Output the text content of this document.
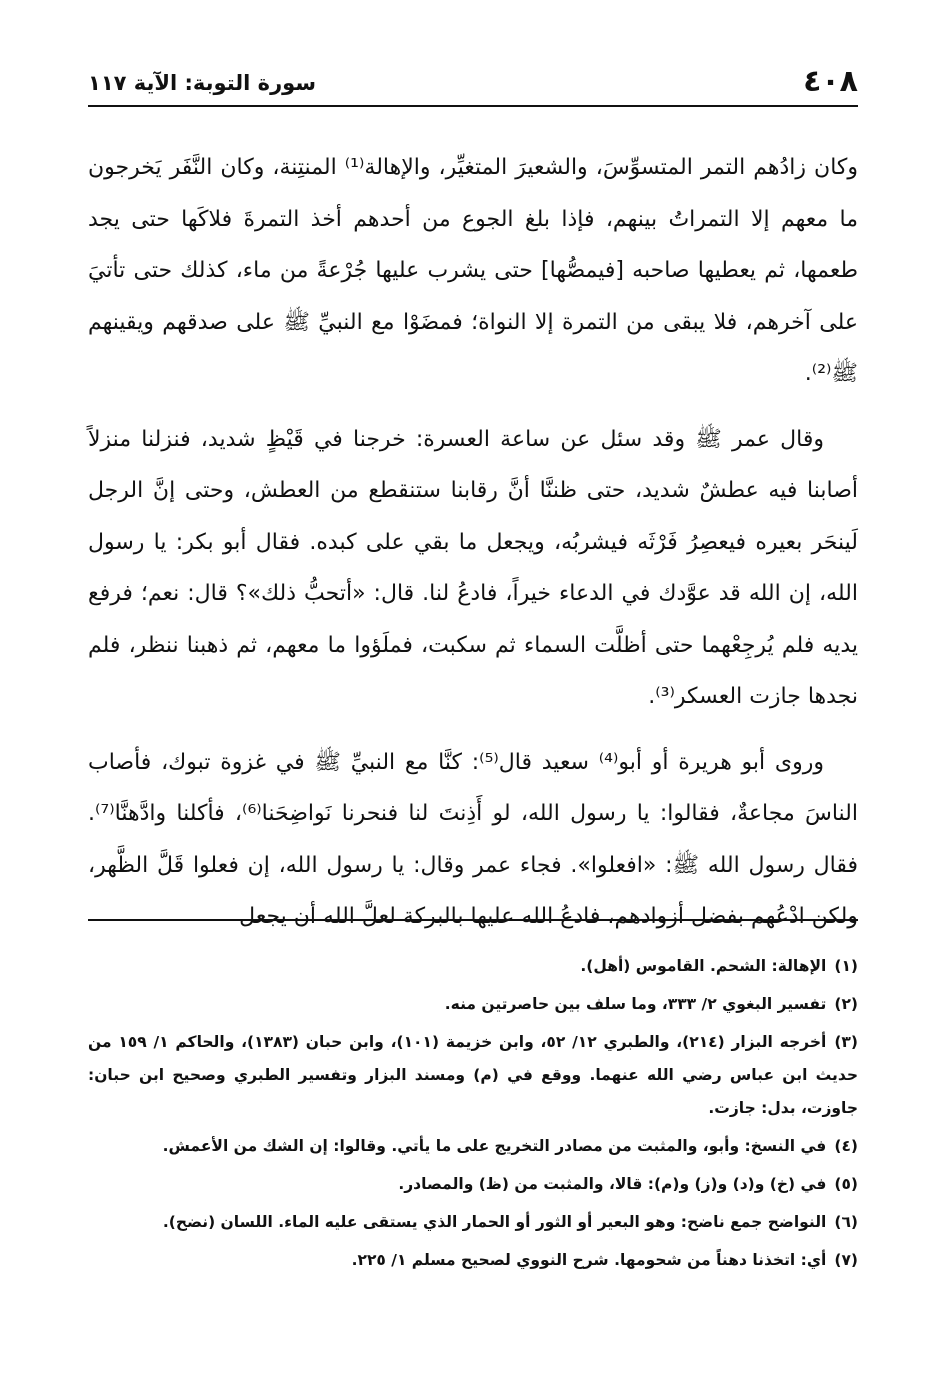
٤٠٨
سورة التوبة: الآية ١١٧

وكان زادُهم التمر المتسوِّسَ، والشعيرَ المتغيِّر، والإهالة⁽¹⁾ المنتِنة، وكان النَّفَر يَخرجون ما معهم إلا التمراتُ بينهم، فإذا بلغ الجوع من أحدهم أخذ التمرةَ فلاكَها حتى يجد طعمها، ثم يعطيها صاحبه [فيمصُّها] حتى يشرب عليها جُرْعةً من ماء، كذلك حتى تأتيَ على آخرهم، فلا يبقى من التمرة إلا النواة؛ فمضَوْا مع النبيِّ ﷺ على صدقهم ويقينهم ﷺ⁽²⁾.

وقال عمر ﷺ وقد سئل عن ساعة العسرة: خرجنا في قَيْظٍ شديد، فنزلنا منزلاً أصابنا فيه عطشٌ شديد، حتى ظننَّا أنَّ رقابنا ستنقطع من العطش، وحتى إنَّ الرجل لَينحَر بعيره فيعصِرُ فَرْثَه فيشربُه، ويجعل ما بقي على كبده. فقال أبو بكر: يا رسول الله، إن الله قد عوَّدك في الدعاء خيراً، فادعُ لنا. قال: «أتحبُّ ذلك»؟ قال: نعم؛ فرفع يديه فلم يُرجِعْهما حتى أظلَّت السماء ثم سكبت، فملَؤوا ما معهم، ثم ذهبنا ننظر، فلم نجدها جازت العسكر⁽³⁾.

وروى أبو هريرة أو أبو⁽⁴⁾ سعيد قال⁽⁵⁾: كنَّا مع النبيِّ ﷺ في غزوة تبوك، فأصاب الناسَ مجاعةٌ، فقالوا: يا رسول الله، لو أَذِنتَ لنا فنحرنا نَواضِحَنا⁽⁶⁾، فأكلنا وادَّهنَّا⁽⁷⁾. فقال رسول الله ﷺ: «افعلوا». فجاء عمر وقال: يا رسول الله، إن فعلوا قَلَّ الظَّهر، ولكن ادْعُهم بفضل أزوادهم، فادعُ الله عليها بالبركة لعلَّ الله أن يجعل

(١)الإهالة: الشحم. القاموس (أهل).
(٢)تفسير البغوي ٢/ ٣٣٣، وما سلف بين حاصرتين منه.
(٣)أخرجه البزار (٢١٤)، والطبري ١٢/ ٥٢، وابن خزيمة (١٠١)، وابن حبان (١٣٨٣)، والحاكم ١/ ١٥٩ من حديث ابن عباس رضي الله عنهما. ووقع في (م) ومسند البزار وتفسير الطبري وصحيح ابن حبان: جاوزت، بدل: جازت.
(٤)في النسخ: وأبو، والمثبت من مصادر التخريج على ما يأتي. وقالوا: إن الشك من الأعمش.
(٥)في (خ) و(د) و(ز) و(م): قالا، والمثبت من (ظ) والمصادر.
(٦)النواضح جمع ناضح: وهو البعير أو الثور أو الحمار الذي يستقى عليه الماء. اللسان (نضح).
(٧)أي: اتخذنا دهناً من شحومها. شرح النووي لصحيح مسلم ١/ ٢٢٥.
